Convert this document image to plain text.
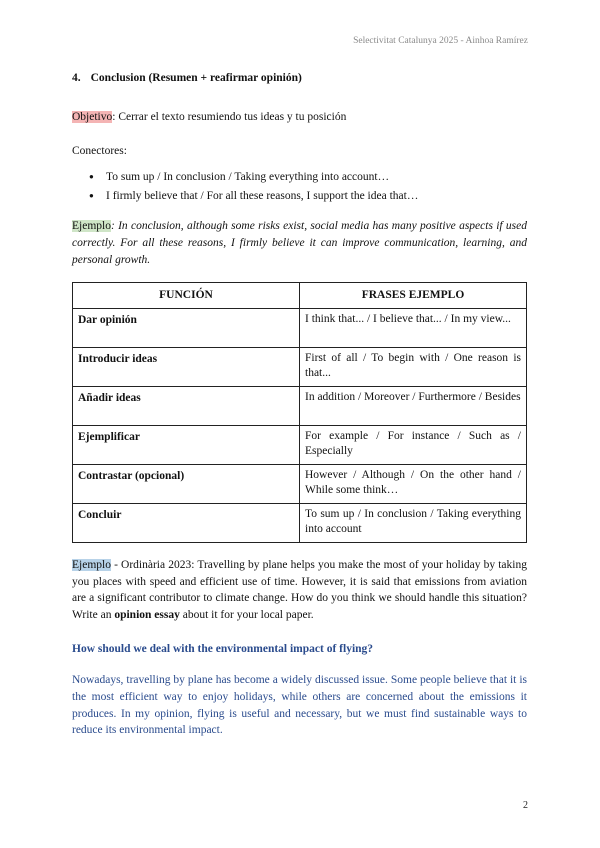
Selectivitat Catalunya 2025 - Ainhoa Ramírez

4. Conclusion (Resumen + reafirmar opinión)

Objetivo: Cerrar el texto resumiendo tus ideas y tu posición

Conectores:

● To sum up / In conclusion / Taking everything into account…
● I firmly believe that / For all these reasons, I support the idea that…

Ejemplo: In conclusion, although some risks exist, social media has many positive aspects if used correctly. For all these reasons, I firmly believe it can improve communication, learning, and personal growth.

FUNCIÓN	FRASES EJEMPLO
Dar opinión	I think that... / I believe that... / In my view...
Introducir ideas	First of all / To begin with / One reason is that...
Añadir ideas	In addition / Moreover / Furthermore / Besides
Ejemplificar	For example / For instance / Such as / Especially
Contrastar (opcional)	However / Although / On the other hand / While some think…
Concluir	To sum up / In conclusion / Taking everything into account

Ejemplo - Ordinària 2023: Travelling by plane helps you make the most of your holiday by taking you places with speed and efficient use of time. However, it is said that emissions from aviation are a significant contributor to climate change. How do you think we should handle this situation? Write an opinion essay about it for your local paper.

How should we deal with the environmental impact of flying?

Nowadays, travelling by plane has become a widely discussed issue. Some people believe that it is the most efficient way to enjoy holidays, while others are concerned about the emissions it produces. In my opinion, flying is useful and necessary, but we must find sustainable ways to reduce its environmental impact.

2
